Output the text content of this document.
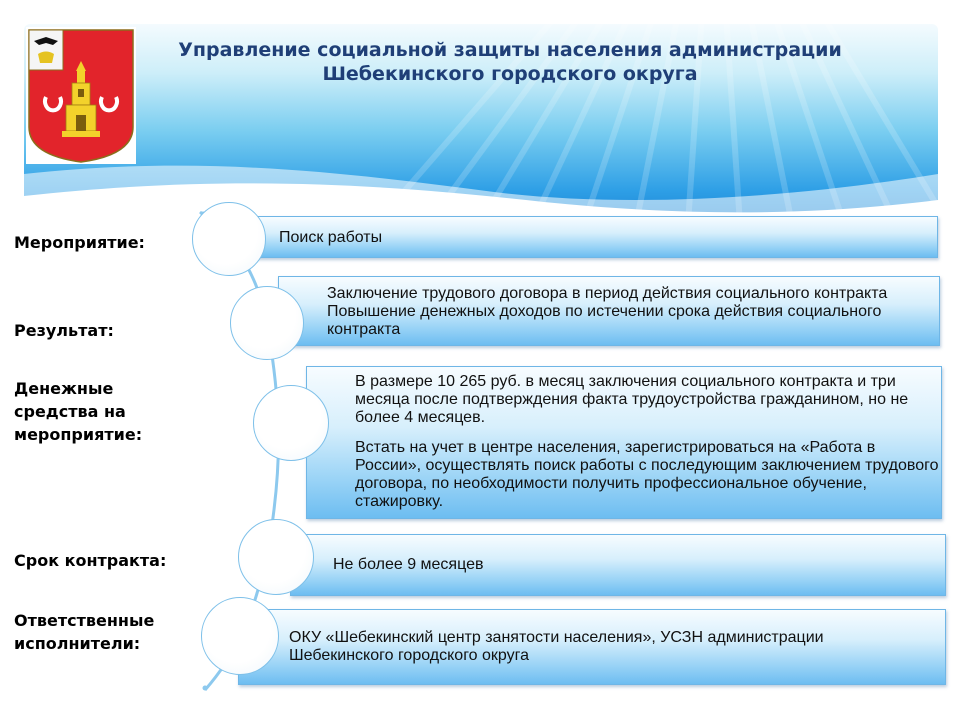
Управление социальной защиты населения администрации Шебекинского городского округа
Мероприятие:	Поиск работы
Результат:
Заключение трудового договора в период действия социального контракта Повышение денежных доходов по истечении срока действия социального контракта
Денежные средства на мероприятие:
В размере 10 265 руб. в месяц заключения социального контракта и три месяца после подтверждения факта трудоустройства гражданином, но не более 4 месяцев.
Встать на учет в центре населения, зарегистрироваться на «Работа в России», осуществлять поиск работы с последующим заключением трудового договора, по необходимости получить профессиональное обучение, стажировку.
Срок контракта:	Не более 9 месяцев
Ответственные исполнители:	ОКУ «Шебекинский центр занятости населения», УСЗН администрации Шебекинского городского округа
